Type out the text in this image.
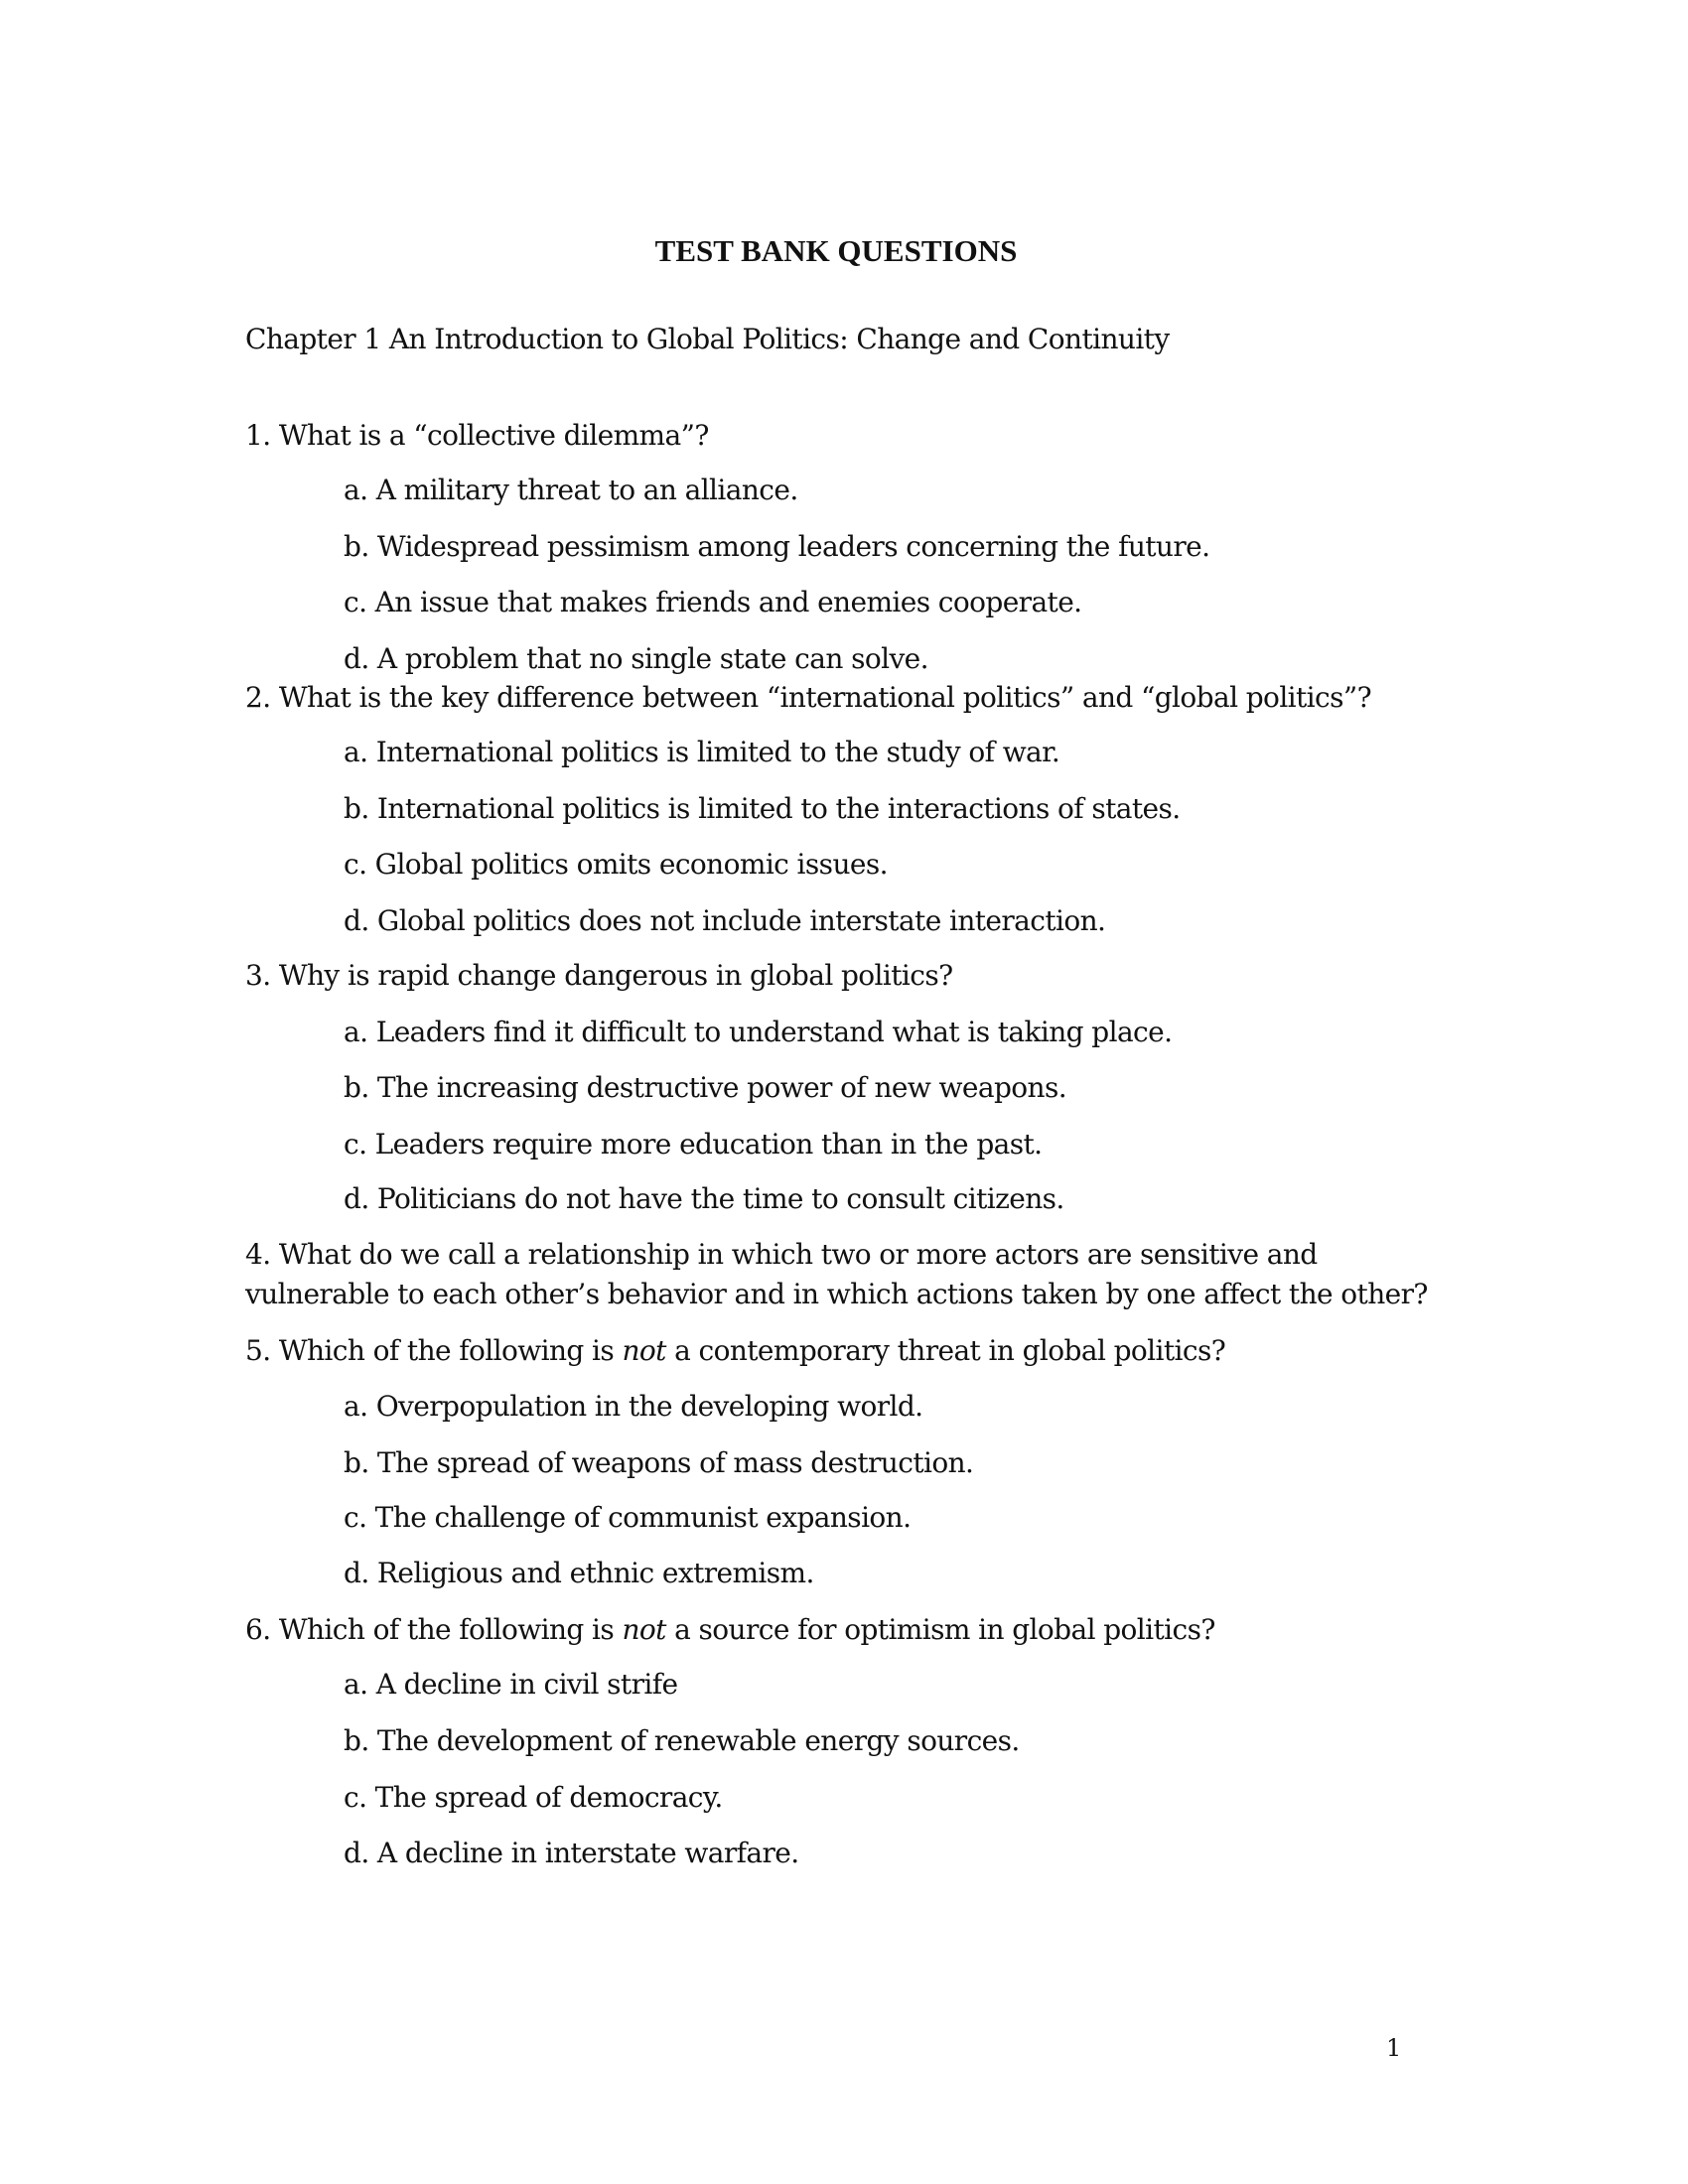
TEST BANK QUESTIONS
Chapter 1 An Introduction to Global Politics: Change and Continuity
1. What is a “collective dilemma”?
a. A military threat to an alliance.
b. Widespread pessimism among leaders concerning the future.
c. An issue that makes friends and enemies cooperate.
d. A problem that no single state can solve.
2. What is the key difference between “international politics” and “global politics”?
a. International politics is limited to the study of war.
b. International politics is limited to the interactions of states.
c. Global politics omits economic issues.
d. Global politics does not include interstate interaction.
3. Why is rapid change dangerous in global politics?
a. Leaders find it difficult to understand what is taking place.
b. The increasing destructive power of new weapons.
c. Leaders require more education than in the past.
d. Politicians do not have the time to consult citizens.
4. What do we call a relationship in which two or more actors are sensitive and
vulnerable to each other’s behavior and in which actions taken by one affect the other?
5. Which of the following is not a contemporary threat in global politics?
a. Overpopulation in the developing world.
b. The spread of weapons of mass destruction.
c. The challenge of communist expansion.
d. Religious and ethnic extremism.
6. Which of the following is not a source for optimism in global politics?
a. A decline in civil strife
b. The development of renewable energy sources.
c. The spread of democracy.
d. A decline in interstate warfare.
1
